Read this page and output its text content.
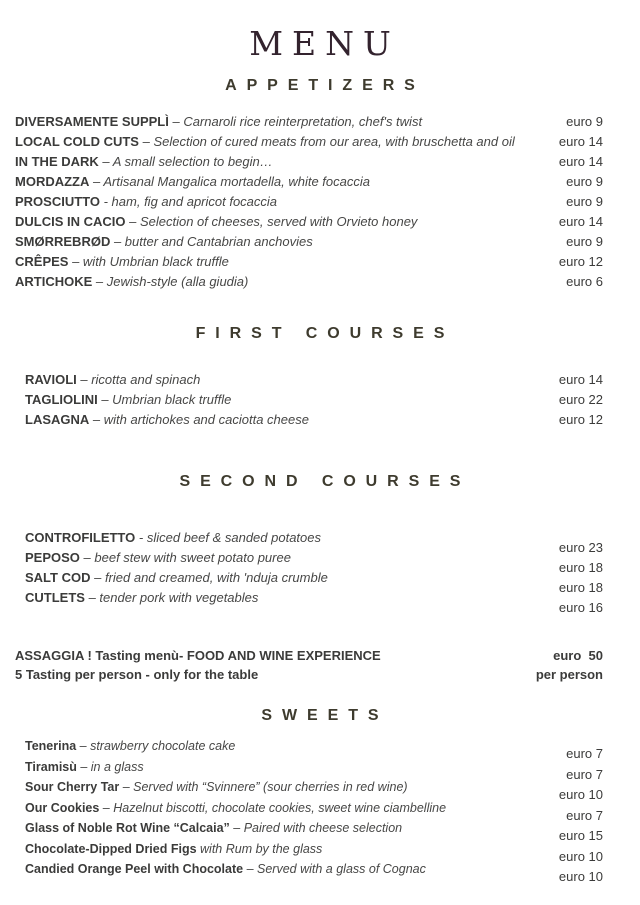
MENU
APPETIZERS
DIVERSAMENTE SUPPLÌ – Carnaroli rice reinterpretation, chef's twist	euro 9
LOCAL COLD CUTS – Selection of cured meats from our area, with bruschetta and oil	euro 14
IN THE DARK – A small selection to begin…	euro 14
MORDAZZA – Artisanal Mangalica mortadella, white focaccia	euro 9
PROSCIUTTO - ham, fig and apricot focaccia	euro 9
DULCIS IN CACIO – Selection of cheeses, served with Orvieto honey	euro 14
SMØRREBRØD – butter and Cantabrian anchovies	euro 9
CRÊPES – with Umbrian black truffle	euro 12
ARTICHOKE – Jewish-style (alla giudia)	euro 6
FIRST COURSES
RAVIOLI – ricotta and spinach	euro 14
TAGLIOLINI – Umbrian black truffle	euro 22
LASAGNA – with artichokes and caciotta cheese	euro 12
SECOND COURSES
CONTROFILETTO - sliced beef & sanded potatoes
euro 23
PEPOSO – beef stew with sweet potato puree
euro 18
SALT COD – fried and creamed, with 'nduja crumble
euro 18
CUTLETS – tender pork with vegetables
euro 16
ASSAGGIA ! Tasting menù- FOOD AND WINE EXPERIENCE	euro  50
5 Tasting per person - only for the table	per person
SWEETS
Tenerina – strawberry chocolate cake	euro 7
Tiramisù – in a glass	euro 7
Sour Cherry Tar – Served with “Svinnere” (sour cherries in red wine)	euro 10
Our Cookies – Hazelnut biscotti, chocolate cookies, sweet wine ciambelline	euro 7
Glass of Noble Rot Wine “Calcaia” – Paired with cheese selection	euro 15
Chocolate-Dipped Dried Figs with Rum by the glass	euro 10
Candied Orange Peel with Chocolate – Served with a glass of Cognac	euro 10
